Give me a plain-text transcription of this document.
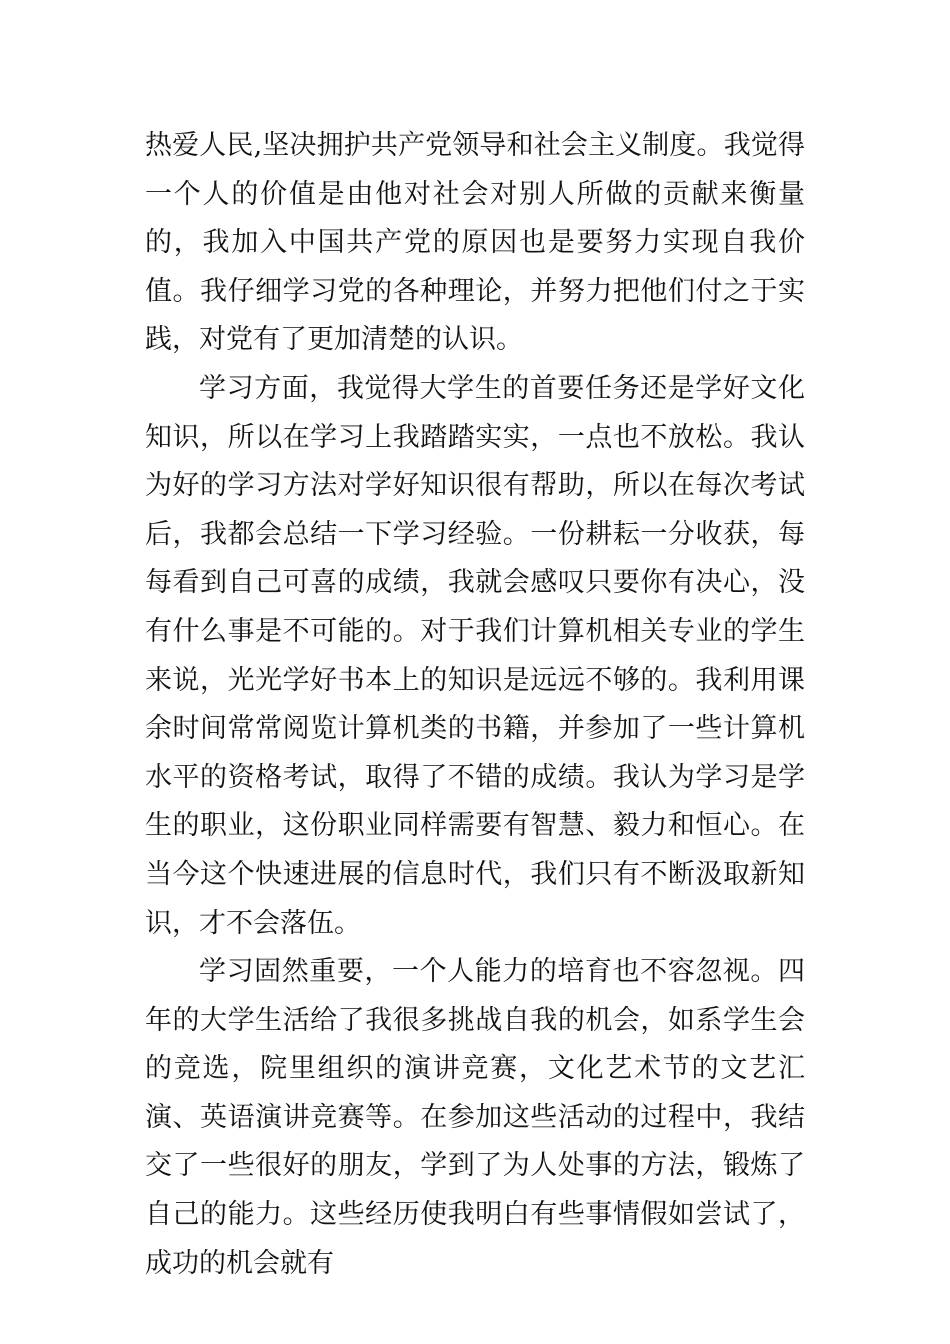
热爱人民,坚决拥护共产党领导和社会主义制度。我觉得一个人的价值是由他对社会对别人所做的贡献来衡量的，我加入中国共产党的原因也是要努力实现自我价值。我仔细学习党的各种理论，并努力把他们付之于实践，对党有了更加清楚的认识。

学习方面，我觉得大学生的首要任务还是学好文化知识，所以在学习上我踏踏实实，一点也不放松。我认为好的学习方法对学好知识很有帮助，所以在每次考试后，我都会总结一下学习经验。一份耕耘一分收获，每每看到自己可喜的成绩，我就会感叹只要你有决心，没有什么事是不可能的。对于我们计算机相关专业的学生来说，光光学好书本上的知识是远远不够的。我利用课余时间常常阅览计算机类的书籍，并参加了一些计算机水平的资格考试，取得了不错的成绩。我认为学习是学生的职业，这份职业同样需要有智慧、毅力和恒心。在当今这个快速进展的信息时代，我们只有不断汲取新知识，才不会落伍。

学习固然重要，一个人能力的培育也不容忽视。四年的大学生活给了我很多挑战自我的机会，如系学生会的竞选，院里组织的演讲竞赛，文化艺术节的文艺汇演、英语演讲竞赛等。在参加这些活动的过程中，我结交了一些很好的朋友，学到了为人处事的方法，锻炼了自己的能力。这些经历使我明白有些事情假如尝试了，成功的机会就有
